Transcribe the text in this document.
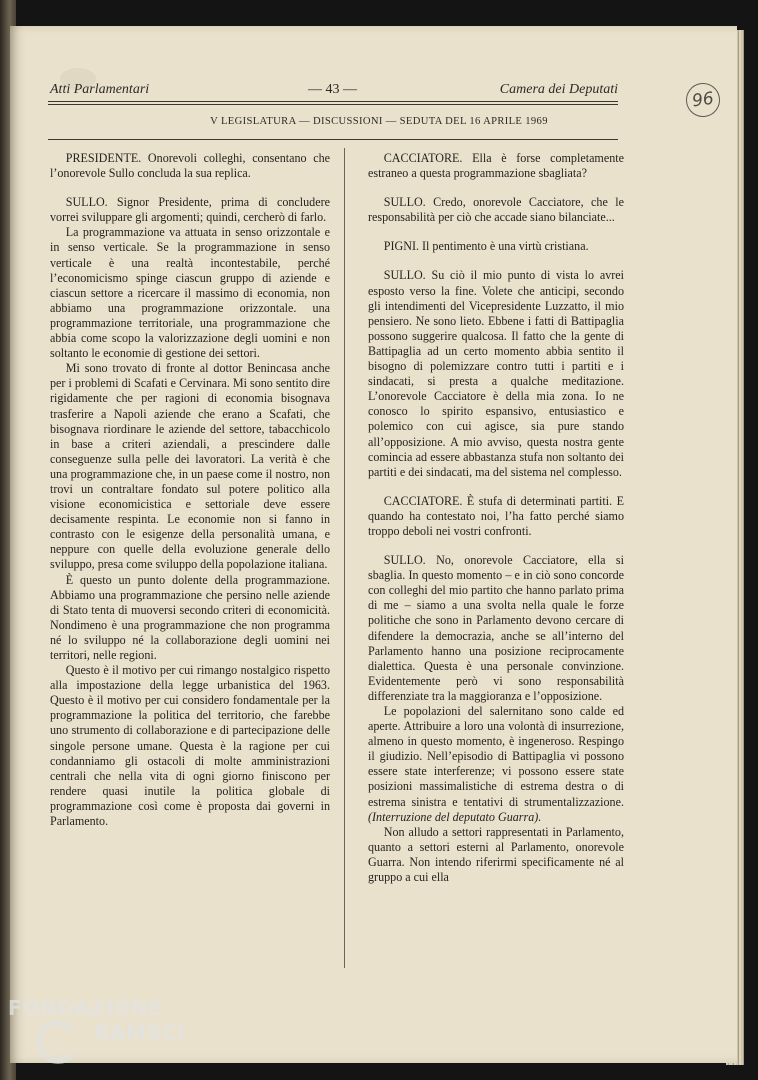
96
Atti Parlamentari	— 43 —	Camera dei Deputati
V LEGISLATURA — DISCUSSIONI — SEDUTA DEL 16 APRILE 1969

PRESIDENTE. Onorevoli colleghi, consentano che l’onorevole Sullo concluda la sua replica.

SULLO. Signor Presidente, prima di concludere vorrei sviluppare gli argomenti; quindi, cercherò di farlo.

La programmazione va attuata in senso orizzontale e in senso verticale. Se la programmazione in senso verticale è una realtà incontestabile, perché l’economicismo spinge ciascun gruppo di aziende e ciascun settore a ricercare il massimo di economia, non abbiamo una programmazione orizzontale. una programmazione territoriale, una programmazione che abbia come scopo la valorizzazione degli uomini e non soltanto le economie di gestione dei settori.

Mi sono trovato di fronte al dottor Benincasa anche per i problemi di Scafati e Cervinara. Mi sono sentito dire rigidamente che per ragioni di economia bisognava trasferire a Napoli aziende che erano a Scafati, che bisognava riordinare le aziende del settore, tabacchicolo in base a criteri aziendali, a prescindere dalle conseguenze sulla pelle dei lavoratori. La verità è che una programmazione che, in un paese come il nostro, non trovi un contraltare fondato sul potere politico alla visione economicistica e settoriale deve essere decisamente respinta. Le economie non si fanno in contrasto con le esigenze della personalità umana, e neppure con quelle della evoluzione generale dello sviluppo, presa come sviluppo della popolazione italiana.

È questo un punto dolente della programmazione. Abbiamo una programmazione che persino nelle aziende di Stato tenta di muoversi secondo criteri di economicità. Nondimeno è una programmazione che non programma né lo sviluppo né la collaborazione degli uomini nei territori, nelle regioni.

Questo è il motivo per cui rimango nostalgico rispetto alla impostazione della legge urbanistica del 1963. Questo è il motivo per cui considero fondamentale per la programmazione la politica del territorio, che farebbe uno strumento di collaborazione e di partecipazione delle singole persone umane. Questa è la ragione per cui condanniamo gli ostacoli di molte amministrazioni centrali che nella vita di ogni giorno finiscono per rendere quasi inutile la politica globale di programmazione così come è proposta dai governi in Parlamento.

CACCIATORE. Ella è forse completamente estraneo a questa programmazione sbagliata?

SULLO. Credo, onorevole Cacciatore, che le responsabilità per ciò che accade siano bilanciate...

PIGNI. Il pentimento è una virtù cristiana.

SULLO. Su ciò il mio punto di vista lo avrei esposto verso la fine. Volete che anticipi, secondo gli intendimenti del Vicepresidente Luzzatto, il mio pensiero. Ne sono lieto. Ebbene i fatti di Battipaglia possono suggerire qualcosa. Il fatto che la gente di Battipaglia ad un certo momento abbia sentito il bisogno di polemizzare contro tutti i partiti e i sindacati, si presta a qualche meditazione. L’onorevole Cacciatore è della mia zona. Io ne conosco lo spirito espansivo, entusiastico e polemico con cui agisce, sia pure stando all’opposizione. A mio avviso, questa nostra gente comincia ad essere abbastanza stufa non soltanto dei partiti e dei sindacati, ma del sistema nel complesso.

CACCIATORE. È stufa di determinati partiti. E quando ha contestato noi, l’ha fatto perché siamo troppo deboli nei vostri confronti.

SULLO. No, onorevole Cacciatore, ella si sbaglia. In questo momento – e in ciò sono concorde con colleghi del mio partito che hanno parlato prima di me – siamo a una svolta nella quale le forze politiche che sono in Parlamento devono cercare di difendere la democrazia, anche se all’interno del Parlamento hanno una posizione reciprocamente dialettica. Questa è una personale convinzione. Evidentemente però vi sono responsabilità differenziate tra la maggioranza e l’opposizione.

Le popolazioni del salernitano sono calde ed aperte. Attribuire a loro una volontà di insurrezione, almeno in questo momento, è ingeneroso. Respingo il giudizio. Nell’episodio di Battipaglia vi possono essere state interferenze; vi possono essere state posizioni massimalistiche di estrema destra o di estrema sinistra e tentativi di strumentalizzazione. (Interruzione del deputato Guarra).

Non alludo a settori rappresentati in Parlamento, quanto a settori esterni al Parlamento, onorevole Guarra. Non intendo riferirmi specificamente né al gruppo a cui ella

FONDAZIONE
RAMSCI
